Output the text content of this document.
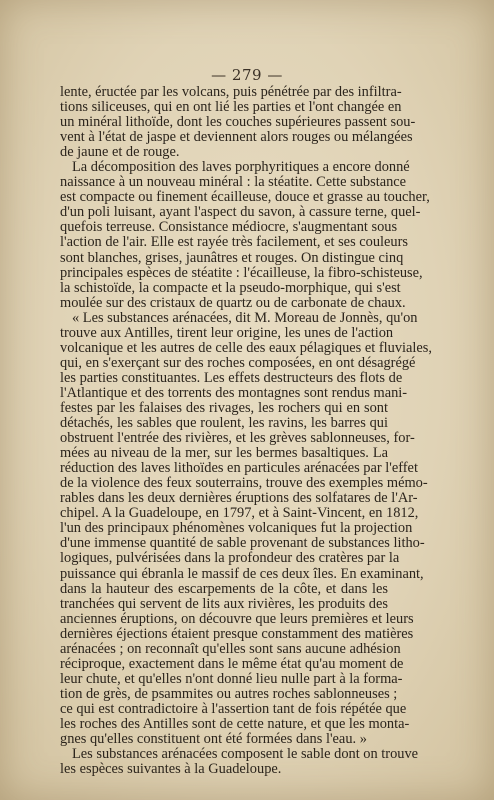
— 279 —
lente, éructée par les volcans, puis pénétrée par des infiltra-
tions siliceuses, qui en ont lié les parties et l'ont changée en
un minéral lithoïde, dont les couches supérieures passent sou-
vent à l'état de jaspe et deviennent alors rouges ou mélangées
de jaune et de rouge.
La décomposition des laves porphyritiques a encore donné
naissance à un nouveau minéral : la stéatite. Cette substance
est compacte ou finement écailleuse, douce et grasse au toucher,
d'un poli luisant, ayant l'aspect du savon, à cassure terne, quel-
quefois terreuse. Consistance médiocre, s'augmentant sous
l'action de l'air. Elle est rayée très facilement, et ses couleurs
sont blanches, grises, jaunâtres et rouges. On distingue cinq
principales espèces de stéatite : l'écailleuse, la fibro-schisteuse,
la schistoïde, la compacte et la pseudo-morphique, qui s'est
moulée sur des cristaux de quartz ou de carbonate de chaux.
« Les substances arénacées, dit M. Moreau de Jonnès, qu'on
trouve aux Antilles, tirent leur origine, les unes de l'action
volcanique et les autres de celle des eaux pélagiques et fluviales,
qui, en s'exerçant sur des roches composées, en ont désagrégé
les parties constituantes. Les effets destructeurs des flots de
l'Atlantique et des torrents des montagnes sont rendus mani-
festes par les falaises des rivages, les rochers qui en sont
détachés, les sables que roulent, les ravins, les barres qui
obstruent l'entrée des rivières, et les grèves sablonneuses, for-
mées au niveau de la mer, sur les bermes basaltiques. La
réduction des laves lithoïdes en particules arénacées par l'effet
de la violence des feux souterrains, trouve des exemples mémo-
rables dans les deux dernières éruptions des solfatares de l'Ar-
chipel. A la Guadeloupe, en 1797, et à Saint-Vincent, en 1812,
l'un des principaux phénomènes volcaniques fut la projection
d'une immense quantité de sable provenant de substances litho-
logiques, pulvérisées dans la profondeur des cratères par la
puissance qui ébranla le massif de ces deux îles. En examinant,
dans la hauteur des escarpements de la côte, et dans les
tranchées qui servent de lits aux rivières, les produits des
anciennes éruptions, on découvre que leurs premières et leurs
dernières éjections étaient presque constamment des matières
arénacées ; on reconnaît qu'elles sont sans aucune adhésion
réciproque, exactement dans le même état qu'au moment de
leur chute, et qu'elles n'ont donné lieu nulle part à la forma-
tion de grès, de psammites ou autres roches sablonneuses ;
ce qui est contradictoire à l'assertion tant de fois répétée que
les roches des Antilles sont de cette nature, et que les monta-
gnes qu'elles constituent ont été formées dans l'eau. »
Les substances arénacées composent le sable dont on trouve
les espèces suivantes à la Guadeloupe.
